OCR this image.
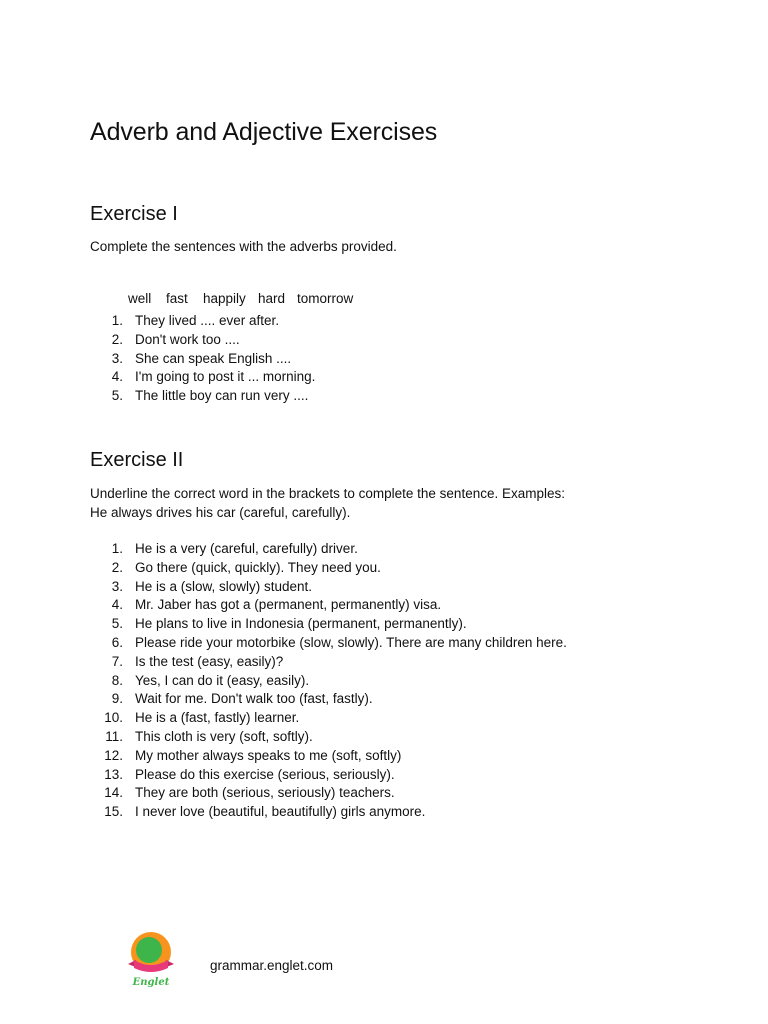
Adverb and Adjective Exercises
Exercise I

Complete the sentences with the adverbs provided.

well fast happily hard tomorrow

1. They lived .... ever after.
2. Don't work too ....
3. She can speak English ....
4. I'm going to post it ... morning.
5. The little boy can run very ....
Exercise II

Underline the correct word in the brackets to complete the sentence. Examples:
He always drives his car (careful, carefully).

1. He is a very (careful, carefully) driver.
2. Go there (quick, quickly). They need you.
3. He is a (slow, slowly) student.
4. Mr. Jaber has got a (permanent, permanently) visa.
5. He plans to live in Indonesia (permanent, permanently).
6. Please ride your motorbike (slow, slowly). There are many children here.
7. Is the test (easy, easily)?
8. Yes, I can do it (easy, easily).
9. Wait for me. Don't walk too (fast, fastly).
10. He is a (fast, fastly) learner.
11. This cloth is very (soft, softly).
12. My mother always speaks to me (soft, softly)
13. Please do this exercise (serious, seriously).
14. They are both (serious, seriously) teachers.
15. I never love (beautiful, beautifully) girls anymore.
Englet
grammar.englet.com
